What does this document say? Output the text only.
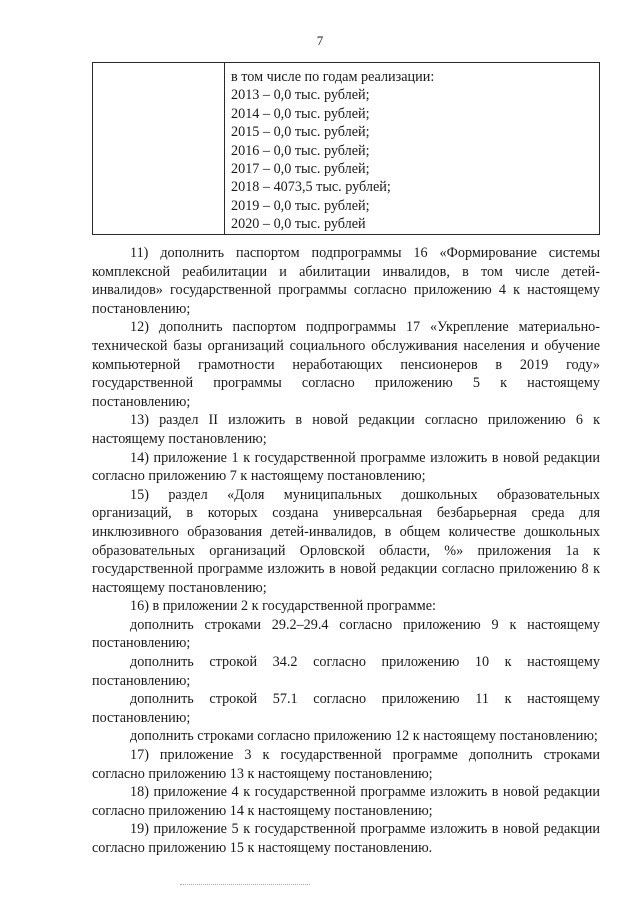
7

в том числе по годам реализации:
2013 – 0,0 тыс. рублей;
2014 – 0,0 тыс. рублей;
2015 – 0,0 тыс. рублей;
2016 – 0,0 тыс. рублей;
2017 – 0,0 тыс. рублей;
2018 – 4073,5 тыс. рублей;
2019 – 0,0 тыс. рублей;
2020 – 0,0 тыс. рублей

11) дополнить паспортом подпрограммы 16 «Формирование системы комплексной реабилитации и абилитации инвалидов, в том числе детей-инвалидов» государственной программы согласно приложению 4 к настоящему постановлению;

12) дополнить паспортом подпрограммы 17 «Укрепление материально-технической базы организаций социального обслуживания населения и обучение компьютерной грамотности неработающих пенсионеров в 2019 году» государственной программы согласно приложению 5 к настоящему постановлению;

13) раздел II изложить в новой редакции согласно приложению 6 к настоящему постановлению;

14) приложение 1 к государственной программе изложить в новой редакции согласно приложению 7 к настоящему постановлению;

15) раздел «Доля муниципальных дошкольных образовательных организаций, в которых создана универсальная безбарьерная среда для инклюзивного образования детей-инвалидов, в общем количестве дошкольных образовательных организаций Орловской области, %» приложения 1а к государственной программе изложить в новой редакции согласно приложению 8 к настоящему постановлению;

16) в приложении 2 к государственной программе:

дополнить строками 29.2–29.4 согласно приложению 9 к настоящему постановлению;

дополнить строкой 34.2 согласно приложению 10 к настоящему постановлению;

дополнить строкой 57.1 согласно приложению 11 к настоящему постановлению;

дополнить строками согласно приложению 12 к настоящему постановлению;

17) приложение 3 к государственной программе дополнить строками согласно приложению 13 к настоящему постановлению;

18) приложение 4 к государственной программе изложить в новой редакции согласно приложению 14 к настоящему постановлению;

19) приложение 5 к государственной программе изложить в новой редакции согласно приложению 15 к настоящему постановлению.
